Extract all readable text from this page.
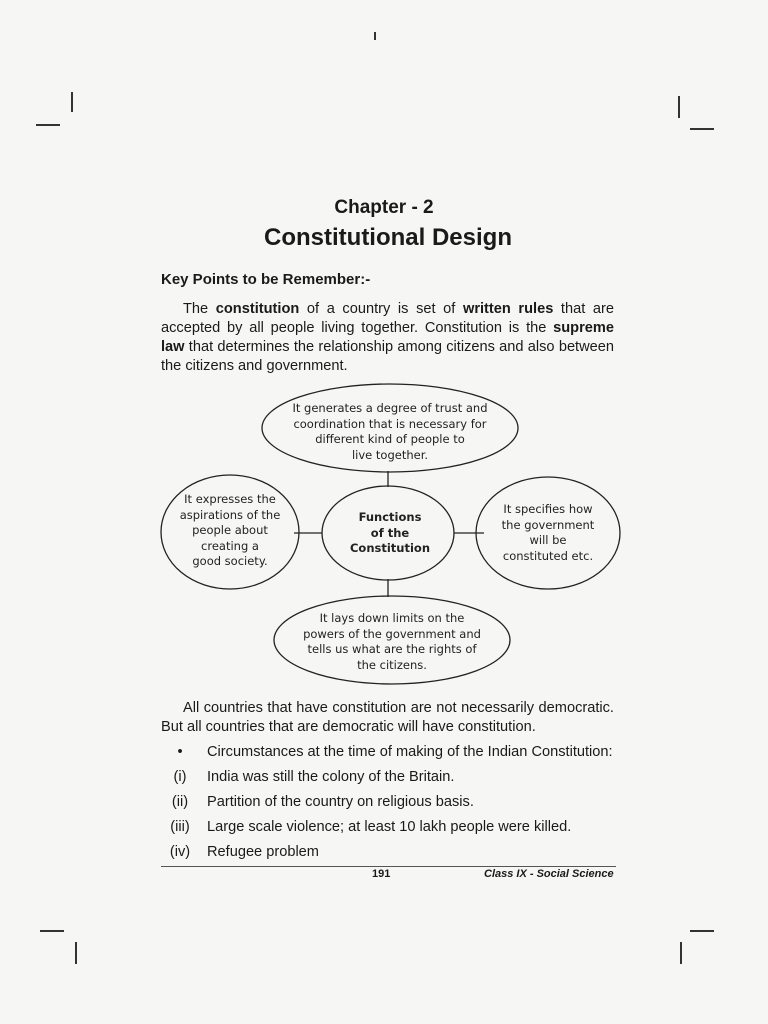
Chapter - 2
Constitutional Design
Key Points to be Remember:-
The constitution of a country is set of written rules that are accepted by all people living together. Constitution is the supreme law that determines the relationship among citizens and also between the citizens and government.
It generates a degree of trust and
coordination that is necessary for
different kind of people to
live together.
Functions
of the
Constitution
It expresses the
aspirations of the
people about
creating a
good society.
It specifies how
the government
will be
constituted etc.
It lays down limits on the
powers of the government and
tells us what are the rights of
the citizens.
All countries that have constitution are not necessarily democratic. But all countries that are democratic will have constitution.
•	Circumstances at the time of making of the Indian Constitution:
(i)	India was still the colony of the Britain.
(ii)	Partition of the country on religious basis.
(iii)	Large scale violence; at least 10 lakh people were killed.
(iv)	Refugee problem
191	Class IX - Social Science
